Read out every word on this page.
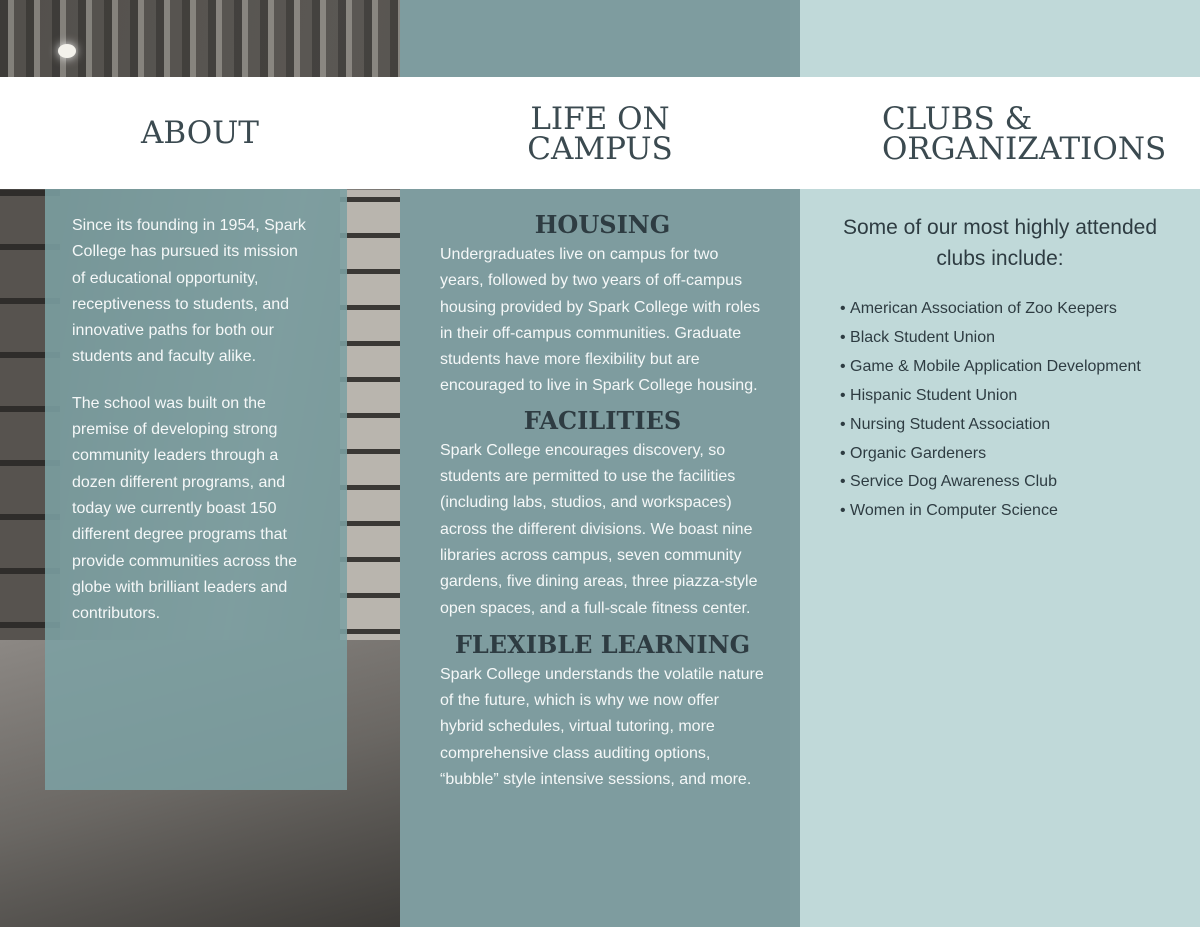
ABOUT	LIFE ON
CAMPUS
CLUBS &
ORGANIZATIONS

Since its founding in 1954, Spark College has pursued its mission of educational opportunity, receptiveness to students, and innovative paths for both our students and faculty alike.

The school was built on the premise of developing strong community leaders through a dozen different programs, and today we currently boast 150 different degree programs that provide communities across the globe with brilliant leaders and contributors.

HOUSING

Undergraduates live on campus for two years, followed by two years of off-campus housing provided by Spark College with roles in their off-campus communities. Graduate students have more flexibility but are encouraged to live in Spark College housing.

FACILITIES

Spark College encourages discovery, so students are permitted to use the facilities (including labs, studios, and workspaces) across the different divisions. We boast nine libraries across campus, seven community gardens, five dining areas, three piazza-style open spaces, and a full-scale fitness center.

FLEXIBLE LEARNING

Spark College understands the volatile nature of the future, which is why we now offer hybrid schedules, virtual tutoring, more comprehensive class auditing options, “bubble” style intensive sessions, and more.

Some of our most highly attended clubs include:
• American Association of Zoo Keepers
• Black Student Union
• Game & Mobile Application Development
• Hispanic Student Union
• Nursing Student Association
• Organic Gardeners
• Service Dog Awareness Club
• Women in Computer Science
